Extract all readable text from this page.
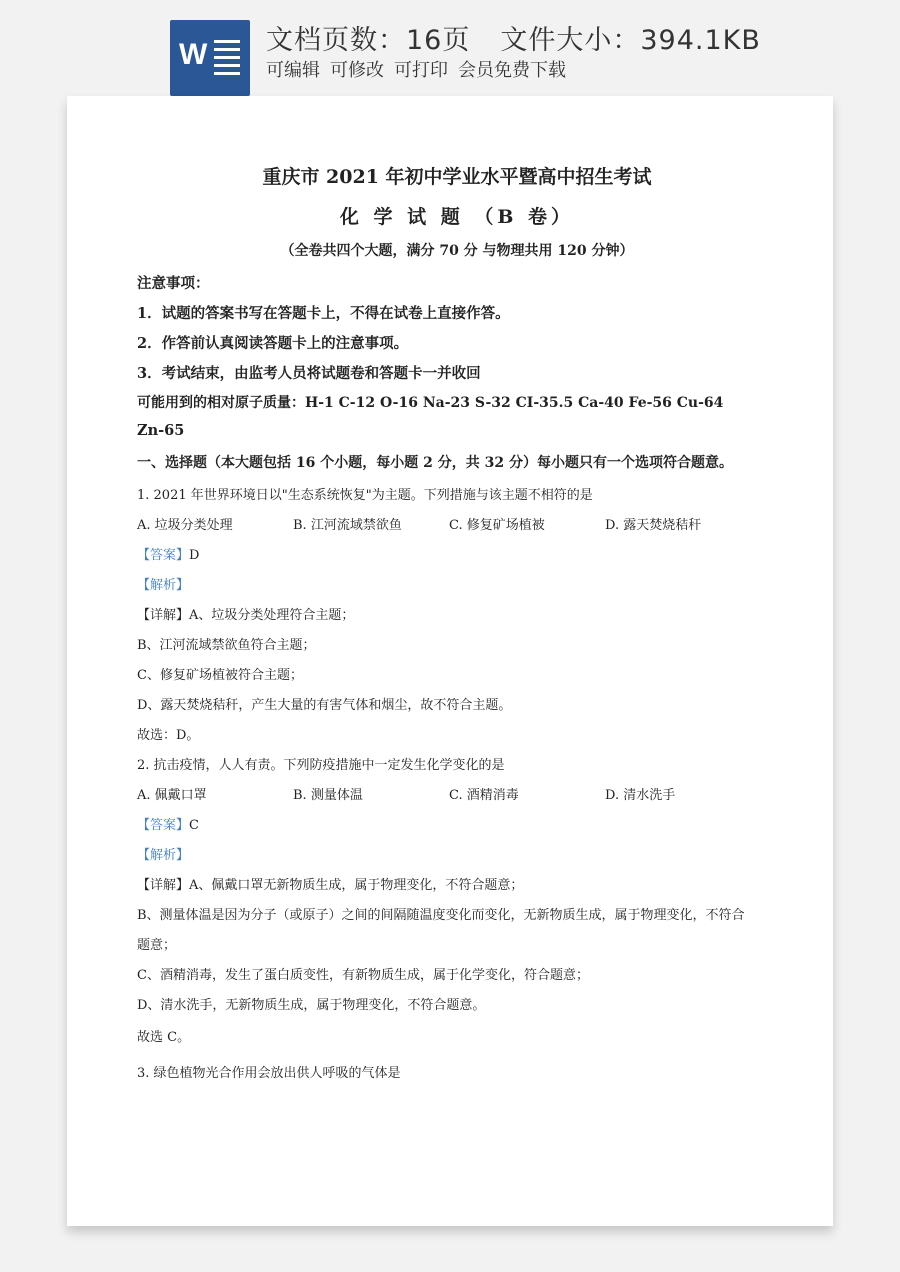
W 文档页数：16页 文件大小：394.1KB
可编辑 可修改 可打印 会员免费下载
重庆市 2021 年初中学业水平暨高中招生考试
化 学 试 题 （B 卷）
（全卷共四个大题，满分 70 分 与物理共用 120 分钟）
注意事项：
1．试题的答案书写在答题卡上，不得在试卷上直接作答。
2．作答前认真阅读答题卡上的注意事项。
3．考试结束，由监考人员将试题卷和答题卡一并收回
可能用到的相对原子质量：H-1 C-12 O-16 Na-23 S-32 CI-35.5 Ca-40 Fe-56 Cu-64
Zn-65
一、选择题（本大题包括 16 个小题，每小题 2 分，共 32 分）每小题只有一个选项符合题意。
1. 2021 年世界环境日以"生态系统恢复"为主题。下列措施与该主题不相符的是
A. 垃圾分类处理	B. 江河流域禁欲鱼	C. 修复矿场植被	D. 露天焚烧秸秆
【答案】D
【解析】
【详解】A、垃圾分类处理符合主题；
B、江河流域禁欲鱼符合主题；
C、修复矿场植被符合主题；
D、露天焚烧秸秆，产生大量的有害气体和烟尘，故不符合主题。
故选：D。
2. 抗击疫情，人人有责。下列防疫措施中一定发生化学变化的是
A. 佩戴口罩	B. 测量体温	C. 酒精消毒	D. 清水洗手
【答案】C
【解析】
【详解】A、佩戴口罩无新物质生成，属于物理变化，不符合题意；
B、测量体温是因为分子（或原子）之间的间隔随温度变化而变化，无新物质生成，属于物理变化，不符合
题意；
C、酒精消毒，发生了蛋白质变性，有新物质生成，属于化学变化，符合题意；
D、清水洗手，无新物质生成，属于物理变化，不符合题意。
故选 C。
3. 绿色植物光合作用会放出供人呼吸的气体是
